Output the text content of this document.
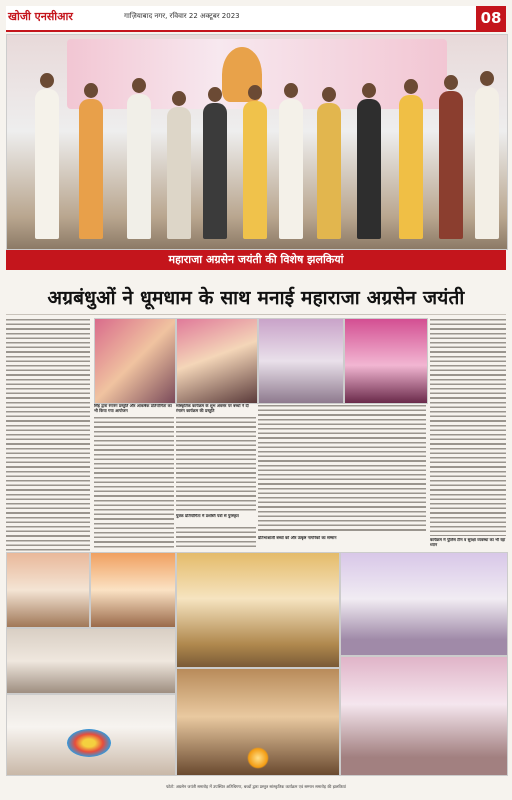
खोजी एनसीआर	गाज़ियाबाद नगर, रविवार 22 अक्टूबर 2023	08
महाराजा अग्रसेन जयंती की विशेष झलकियां
अग्रबंधुओं ने धूमधाम के साथ मनाई महाराजा अग्रसेन जयंती
सिंह द्वारा रंगारंग प्रस्तुति और आकर्षक प्रतियोगिता का भी किया गया आयोजन
सांस्कृतिक कार्यक्रम के शुभ अवसर पर बच्चों ने दी रंगारंग कार्यक्रम की प्रस्तुति
कार्यक्रम में पुलिस टीम व सुरक्षा व्यवस्था का भी रहा ध्यान
युवक प्रतियोगिता में प्रशस्ति पत्रों से पुरस्कृत
प्रतिभाशाली बच्चों को और उत्कृष्ट नागरिकों का सम्मान
फोटो: अग्रसेन जयंती समारोह में उपस्थित अतिथिगण, बच्चों द्वारा प्रस्तुत सांस्कृतिक कार्यक्रम एवं सम्मान समारोह की झलकियां
